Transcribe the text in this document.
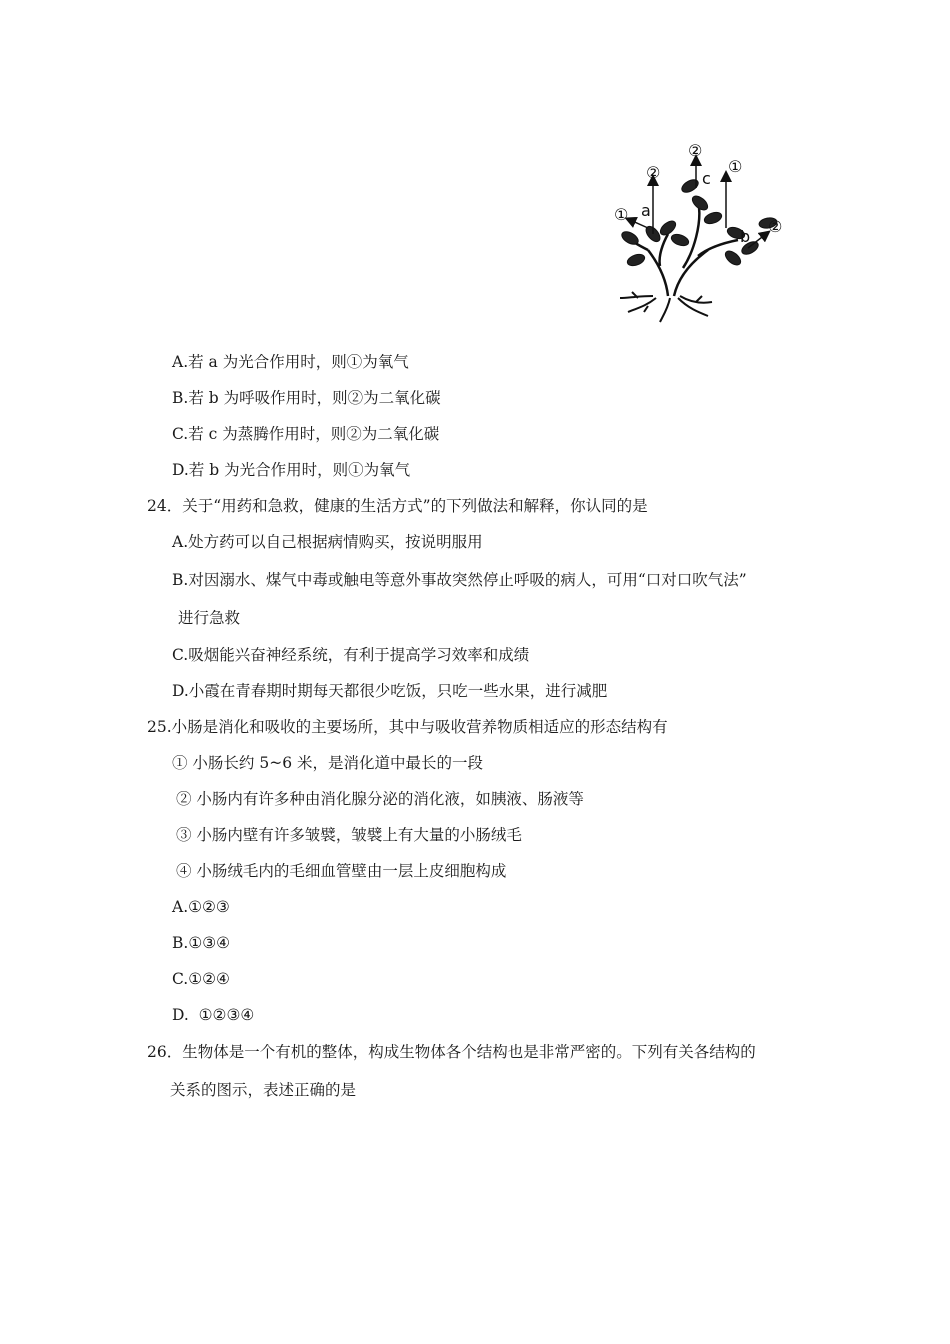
②
②
①
①
②
a
c
b
A.若 a 为光合作用时，则①为氧气
B.若 b 为呼吸作用时，则②为二氧化碳
C.若 c 为蒸腾作用时，则②为二氧化碳
D.若 b 为光合作用时，则①为氧气
24．关于“用药和急救，健康的生活方式”的下列做法和解释，你认同的是
A.处方药可以自己根据病情购买，按说明服用
B.对因溺水、煤气中毒或触电等意外事故突然停止呼吸的病人，可用“口对口吹气法”
进行急救
C.吸烟能兴奋神经系统，有利于提高学习效率和成绩
D.小霞在青春期时期每天都很少吃饭，只吃一些水果，进行减肥
25.小肠是消化和吸收的主要场所，其中与吸收营养物质相适应的形态结构有
① 小肠长约 5~6 米，是消化道中最长的一段
② 小肠内有许多种由消化腺分泌的消化液，如胰液、肠液等
③ 小肠内壁有许多皱襞，皱襞上有大量的小肠绒毛
④ 小肠绒毛内的毛细血管壁由一层上皮细胞构成
A.①②③
B.①③④
C.①②④
D.  ①②③④
26．生物体是一个有机的整体，构成生物体各个结构也是非常严密的。下列有关各结构的
关系的图示，表述正确的是
